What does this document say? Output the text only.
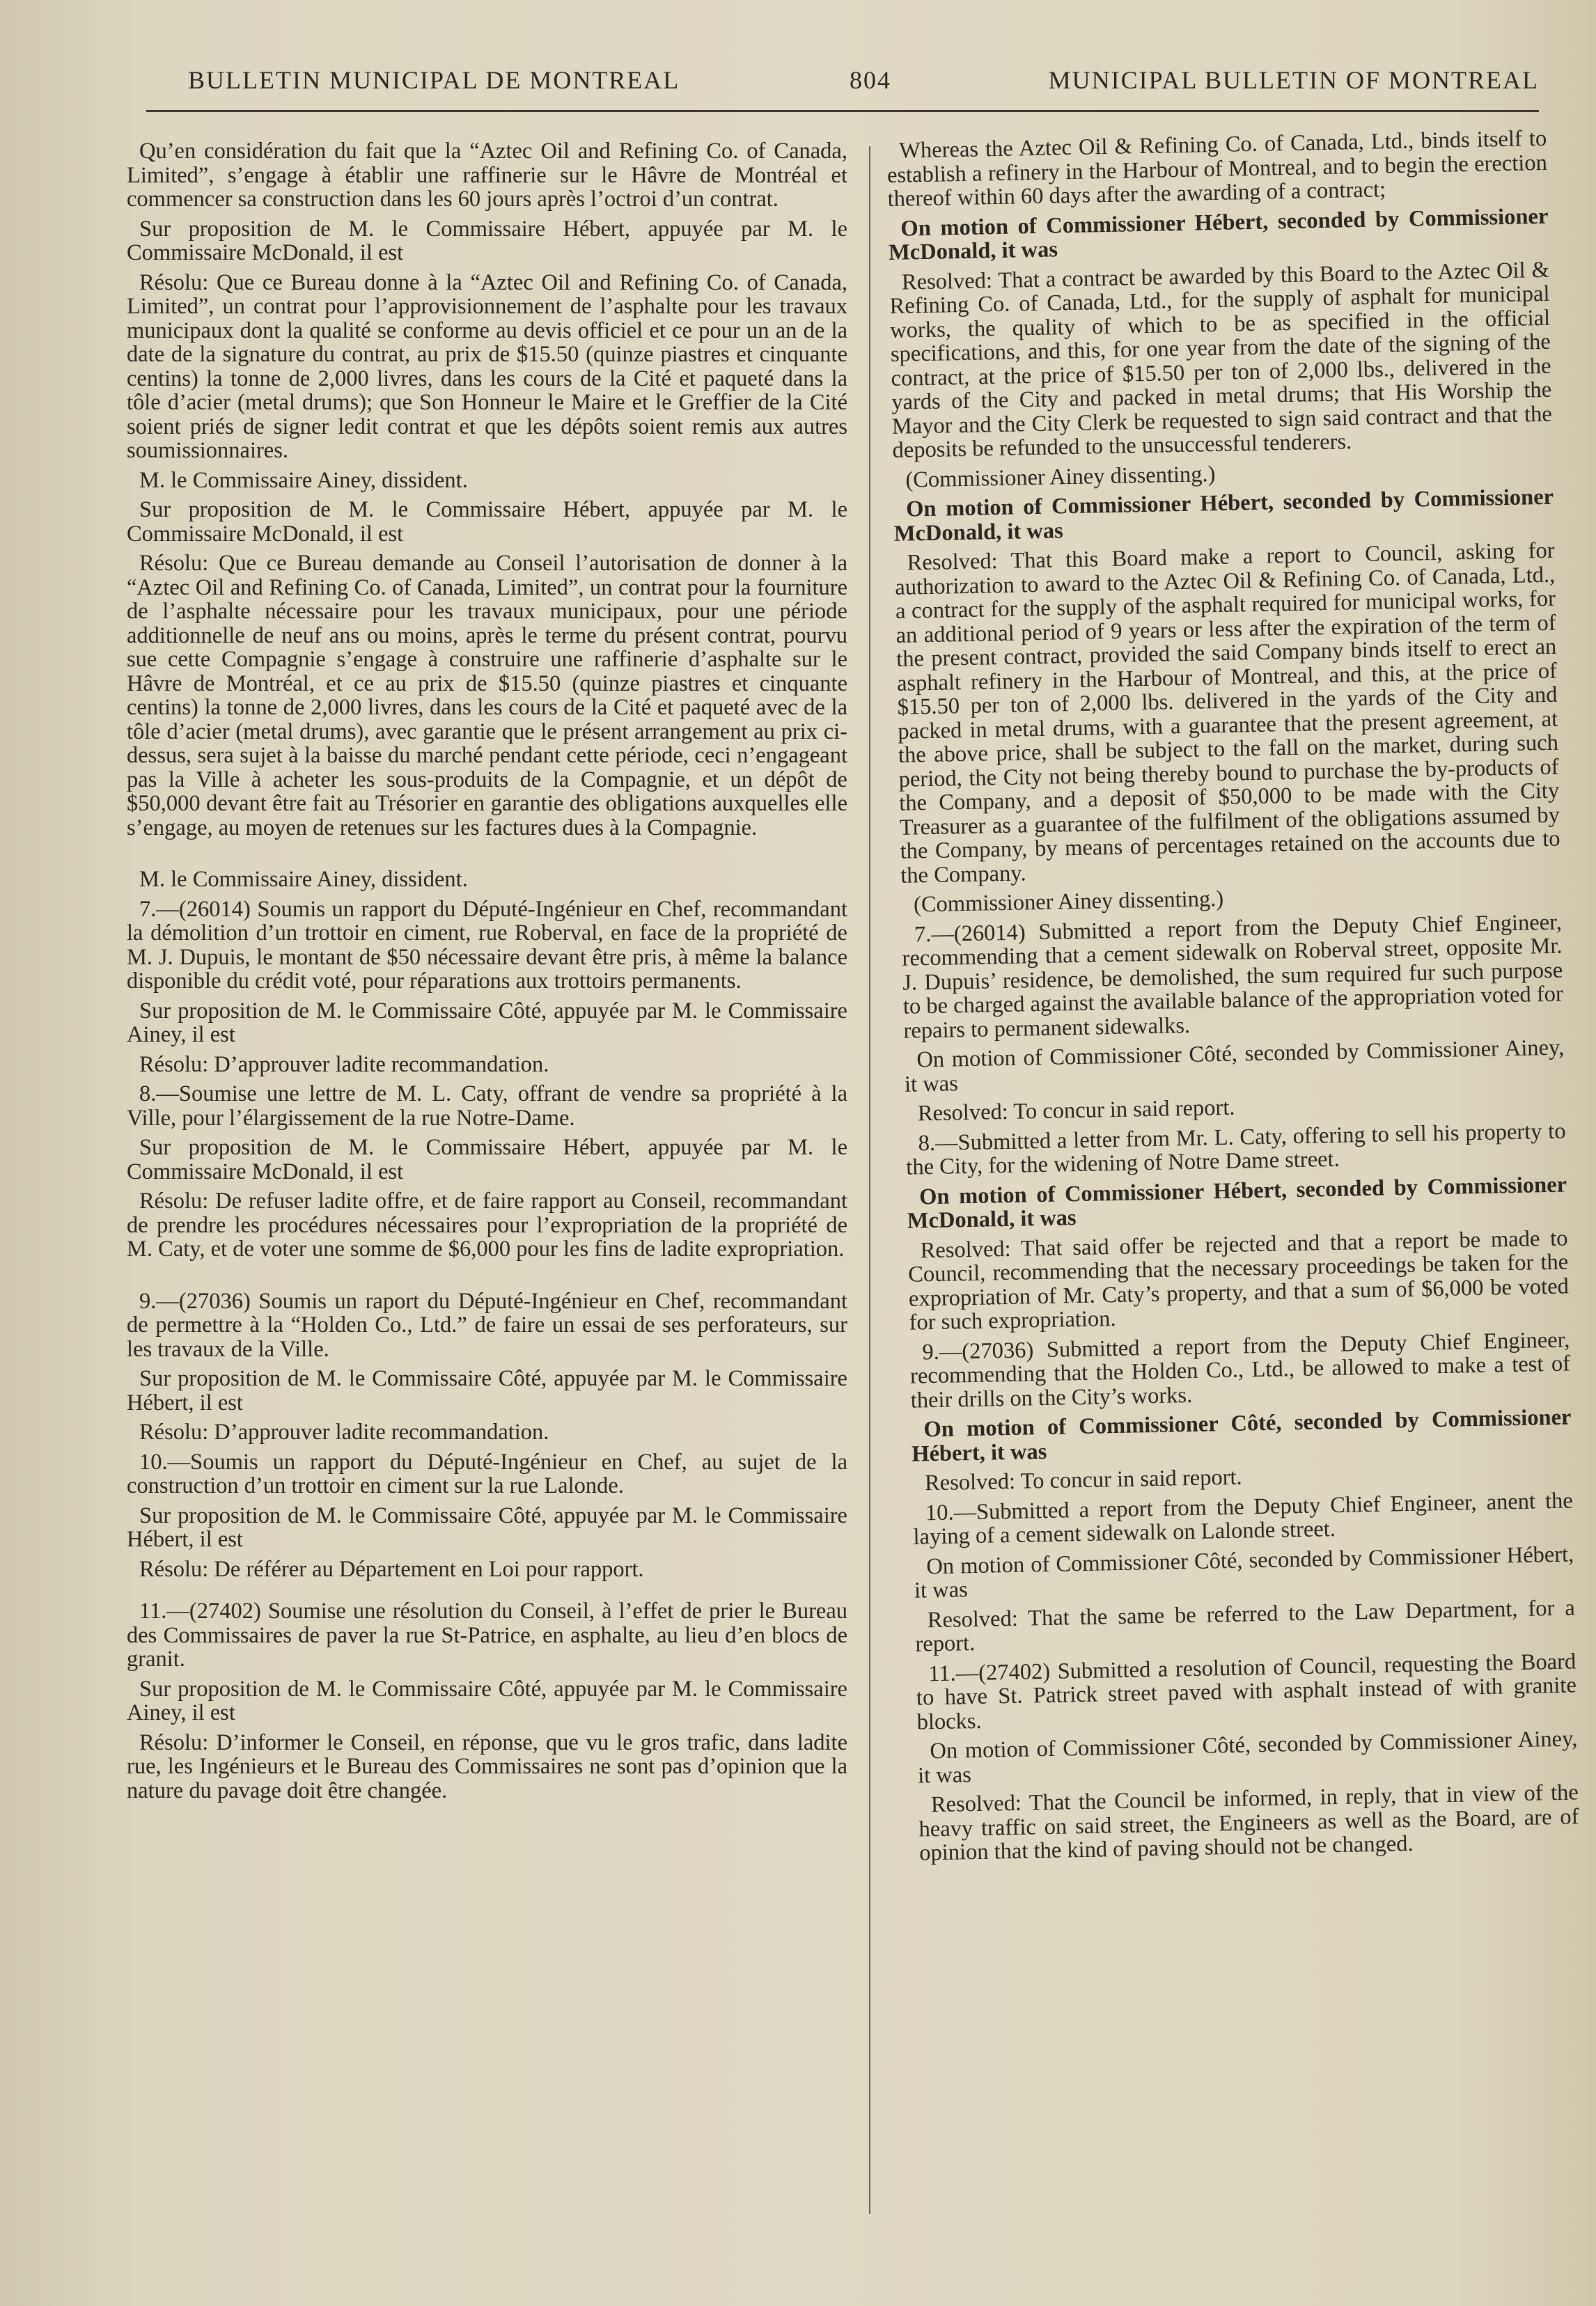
BULLETIN MUNICIPAL DE MONTREAL	804	MUNICIPAL BULLETIN OF MONTREAL

Qu’en considération du fait que la “Aztec Oil and Refining Co. of Canada, Limited”, s’engage à établir une raffinerie sur le Hâvre de Montréal et commencer sa construction dans les 60 jours après l’octroi d’un contrat.

Sur proposition de M. le Commissaire Hébert, appuyée par M. le Commissaire McDonald, il est

Résolu: Que ce Bureau donne à la “Aztec Oil and Refining Co. of Canada, Limited”, un contrat pour l’approvisionnement de l’asphalte pour les travaux municipaux dont la qualité se conforme au devis officiel et ce pour un an de la date de la signature du contrat, au prix de $15.50 (quinze piastres et cinquante centins) la tonne de 2,000 livres, dans les cours de la Cité et paqueté dans la tôle d’acier (metal drums); que Son Honneur le Maire et le Greffier de la Cité soient priés de signer ledit contrat et que les dépôts soient remis aux autres soumissionnaires.

M. le Commissaire Ainey, dissident.

Sur proposition de M. le Commissaire Hébert, appuyée par M. le Commissaire McDonald, il est

Résolu: Que ce Bureau demande au Conseil l’autorisation de donner à la “Aztec Oil and Refining Co. of Canada, Limited”, un contrat pour la fourniture de l’asphalte nécessaire pour les travaux municipaux, pour une période additionnelle de neuf ans ou moins, après le terme du présent contrat, pourvu sue cette Compagnie s’engage à construire une raffinerie d’asphalte sur le Hâvre de Montréal, et ce au prix de $15.50 (quinze piastres et cinquante centins) la tonne de 2,000 livres, dans les cours de la Cité et paqueté avec de la tôle d’acier (metal drums), avec garantie que le présent arrangement au prix ci-dessus, sera sujet à la baisse du marché pendant cette période, ceci n’engageant pas la Ville à acheter les sous-produits de la Compagnie, et un dépôt de $50,000 devant être fait au Trésorier en garantie des obligations auxquelles elle s’engage, au moyen de retenues sur les factures dues à la Compagnie.

M. le Commissaire Ainey, dissident.

7.—(26014) Soumis un rapport du Député-Ingénieur en Chef, recommandant la démolition d’un trottoir en ciment, rue Roberval, en face de la propriété de M. J. Dupuis, le montant de $50 nécessaire devant être pris, à même la balance disponible du crédit voté, pour réparations aux trottoirs permanents.

Sur proposition de M. le Commissaire Côté, appuyée par M. le Commissaire Ainey, il est

Résolu: D’approuver ladite recommandation.

8.—Soumise une lettre de M. L. Caty, offrant de vendre sa propriété à la Ville, pour l’élargissement de la rue Notre-Dame.

Sur proposition de M. le Commissaire Hébert, appuyée par M. le Commissaire McDonald, il est

Résolu: De refuser ladite offre, et de faire rapport au Conseil, recommandant de prendre les procédures nécessaires pour l’expropriation de la propriété de M. Caty, et de voter une somme de $6,000 pour les fins de ladite expropriation.

9.—(27036) Soumis un raport du Député-Ingénieur en Chef, recommandant de permettre à la “Holden Co., Ltd.” de faire un essai de ses perforateurs, sur les travaux de la Ville.

Sur proposition de M. le Commissaire Côté, appuyée par M. le Commissaire Hébert, il est

Résolu: D’approuver ladite recommandation.

10.—Soumis un rapport du Député-Ingénieur en Chef, au sujet de la construction d’un trottoir en ciment sur la rue Lalonde.

Sur proposition de M. le Commissaire Côté, appuyée par M. le Commissaire Hébert, il est

Résolu: De référer au Département en Loi pour rapport.

11.—(27402) Soumise une résolution du Conseil, à l’effet de prier le Bureau des Commissaires de paver la rue St-Patrice, en asphalte, au lieu d’en blocs de granit.

Sur proposition de M. le Commissaire Côté, appuyée par M. le Commissaire Ainey, il est

Résolu: D’informer le Conseil, en réponse, que vu le gros trafic, dans ladite rue, les Ingénieurs et le Bureau des Commissaires ne sont pas d’opinion que la nature du pavage doit être changée.

Whereas the Aztec Oil & Refining Co. of Canada, Ltd., binds itself to establish a refinery in the Harbour of Montreal, and to begin the erection thereof within 60 days after the awarding of a contract;

On motion of Commissioner Hébert, seconded by Commissioner McDonald, it was

Resolved: That a contract be awarded by this Board to the Aztec Oil & Refining Co. of Canada, Ltd., for the supply of asphalt for municipal works, the quality of which to be as specified in the official specifications, and this, for one year from the date of the signing of the contract, at the price of $15.50 per ton of 2,000 lbs., delivered in the yards of the City and packed in metal drums; that His Worship the Mayor and the City Clerk be requested to sign said contract and that the deposits be refunded to the unsuccessful tenderers.

(Commissioner Ainey dissenting.)

On motion of Commissioner Hébert, seconded by Commissioner McDonald, it was

Resolved: That this Board make a report to Council, asking for authorization to award to the Aztec Oil & Refining Co. of Canada, Ltd., a contract for the supply of the asphalt required for municipal works, for an additional period of 9 years or less after the expiration of the term of the present contract, provided the said Company binds itself to erect an asphalt refinery in the Harbour of Montreal, and this, at the price of $15.50 per ton of 2,000 lbs. delivered in the yards of the City and packed in metal drums, with a guarantee that the present agreement, at the above price, shall be subject to the fall on the market, during such period, the City not being thereby bound to purchase the by-products of the Company, and a deposit of $50,000 to be made with the City Treasurer as a guarantee of the fulfilment of the obligations assumed by the Company, by means of percentages retained on the accounts due to the Company.

(Commissioner Ainey dissenting.)

7.—(26014) Submitted a report from the Deputy Chief Engineer, recommending that a cement sidewalk on Roberval street, opposite Mr. J. Dupuis’ residence, be demolished, the sum required fur such purpose to be charged against the available balance of the appropriation voted for repairs to permanent sidewalks.

On motion of Commissioner Côté, seconded by Commissioner Ainey, it was

Resolved: To concur in said report.

8.—Submitted a letter from Mr. L. Caty, offering to sell his property to the City, for the widening of Notre Dame street.

On motion of Commissioner Hébert, seconded by Commissioner McDonald, it was

Resolved: That said offer be rejected and that a report be made to Council, recommending that the necessary proceedings be taken for the expropriation of Mr. Caty’s property, and that a sum of $6,000 be voted for such expropriation.

9.—(27036) Submitted a report from the Deputy Chief Engineer, recommending that the Holden Co., Ltd., be allowed to make a test of their drills on the City’s works.

On motion of Commissioner Côté, seconded by Commissioner Hébert, it was

Resolved: To concur in said report.

10.—Submitted a report from the Deputy Chief Engineer, anent the laying of a cement sidewalk on Lalonde street.

On motion of Commissioner Côté, seconded by Commissioner Hébert, it was

Resolved: That the same be referred to the Law Department, for a report.

11.—(27402) Submitted a resolution of Council, requesting the Board to have St. Patrick street paved with asphalt instead of with granite blocks.

On motion of Commissioner Côté, seconded by Commissioner Ainey, it was

Resolved: That the Council be informed, in reply, that in view of the heavy traffic on said street, the Engineers as well as the Board, are of opinion that the kind of paving should not be changed.
